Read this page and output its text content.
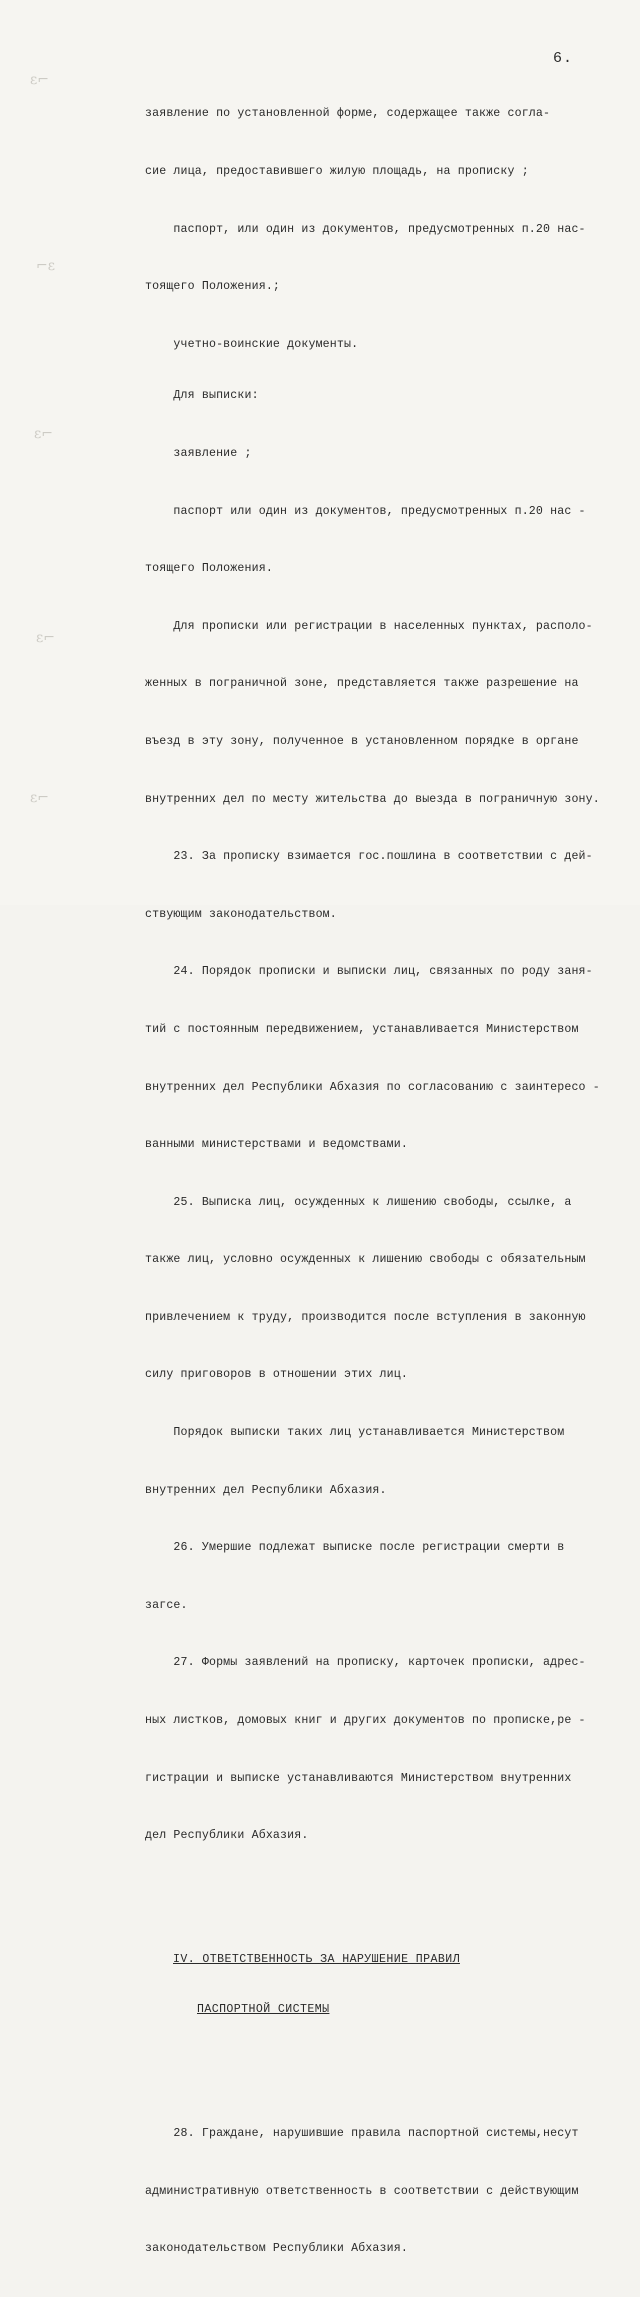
6.
ε⌐
⌐ε
ε⌐
ε⌐
ε⌐

заявление по установленной форме, содержащее также согла-

сие лица, предоставившего жилую площадь, на прописку ;

паспорт, или один из документов, предусмотренных п.20 нас-

тоящего Положения.;

учетно-воинские документы.

Для выписки:

заявление ;

паспорт или один из документов, предусмотренных п.20 нас -

тоящего Положения.

Для прописки или регистрации в населенных пунктах, располо-

женных в пограничной зоне, представляется также разрешение на

въезд в эту зону, полученное в установленном порядке в органе

внутренних дел по месту жительства до выезда в пограничную зону.

23. За прописку взимается гос.пошлина в соответствии с дей-

ствующим законодательством.

24. Порядок прописки и выписки лиц, связанных по роду заня-

тий с постоянным передвижением, устанавливается Министерством

внутренних дел Республики Абхазия по согласованию с заинтересо -

ванными министерствами и ведомствами.

25. Выписка лиц, осужденных к лишению свободы, ссылке, а

также лиц, условно осужденных к лишению свободы с обязательным

привлечением к труду, производится после вступления в законную

силу приговоров в отношении этих лиц.

Порядок выписки таких лиц устанавливается Министерством

внутренних дел Республики Абхазия.

26. Умершие подлежат выписке после регистрации смерти в

загсе.

27. Формы заявлений на прописку, карточек прописки, адрес-

ных листков, домовых книг и других документов по прописке,ре -

гистрации и выписке устанавливаются Министерством внутренних

дел Республики Абхазия.

IV. ОТВЕТСТВЕННОСТЬ ЗА НАРУШЕНИЕ ПРАВИЛ

ПАСПОРТНОЙ СИСТЕМЫ

28. Граждане, нарушившие правила паспортной системы,несут

административную ответственность в соответствии с действующим

законодательством Республики Абхазия.
